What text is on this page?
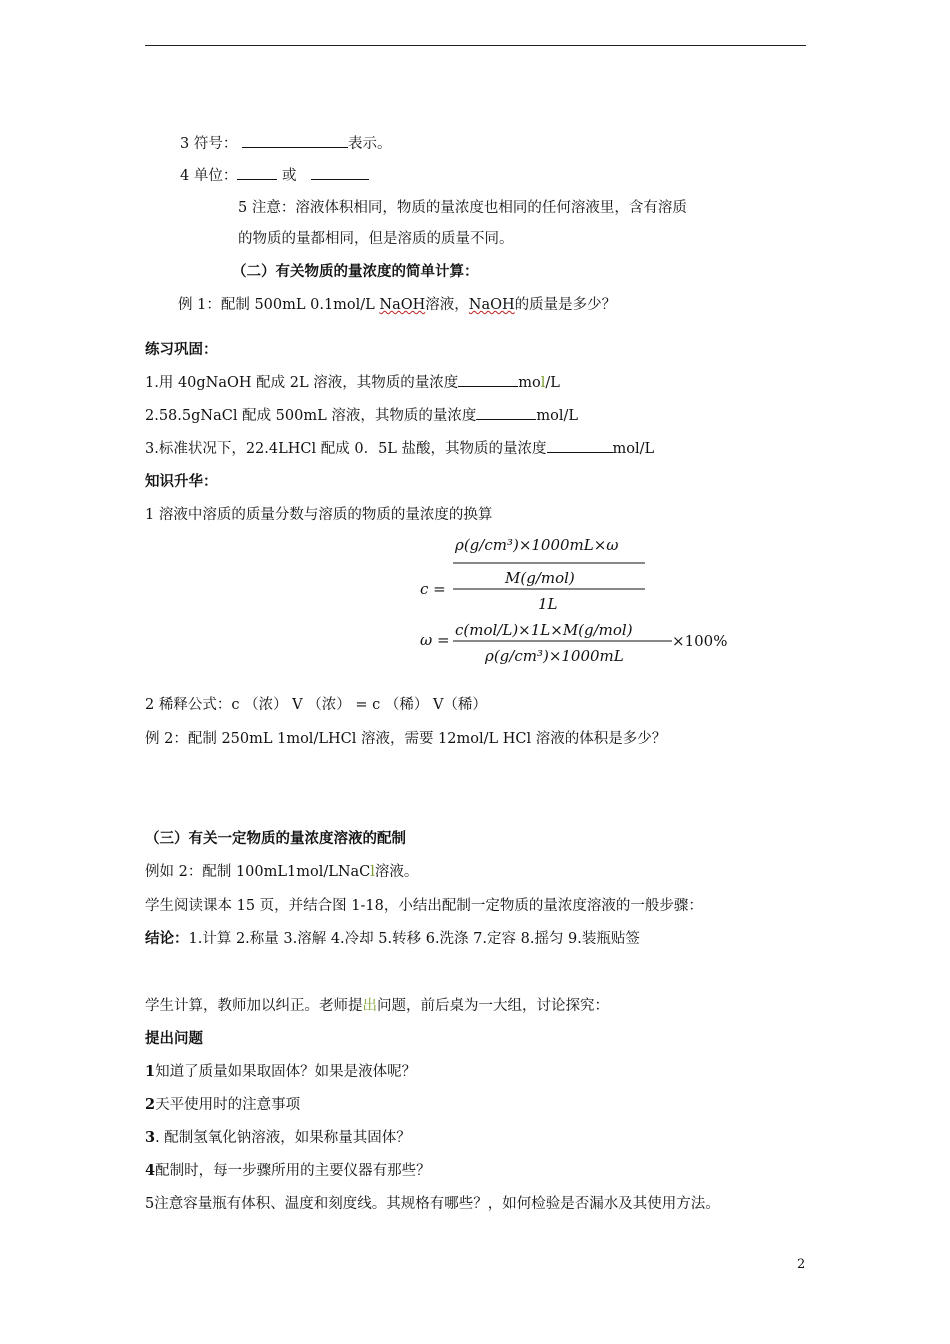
3 符号：	表示。
4 单位：	或
5 注意：溶液体积相同，物质的量浓度也相同的任何溶液里，含有溶质
的物质的量都相同，但是溶质的质量不同。
（二）有关物质的量浓度的简单计算：
例 1：配制 500mL 0.1mol/L NaOH溶液，NaOH的质量是多少？
练习巩固：
1.用 40gNaOH 配成 2L 溶液，其物质的量浓度	mol/L
2.58.5gNaCl 配成 500mL 溶液，其物质的量浓度	mol/L
3.标准状况下，22.4LHCl 配成 0．5L 盐酸，其物质的量浓度	mol/L
知识升华：
1 溶液中溶质的质量分数与溶质的物质的量浓度的换算
ρ(g/cm³)×1000mL×ω
M(g/mol)
c =
1L
c(mol/L)×1L×M(g/mol)
ω =
ρ(g/cm³)×1000mL
×100%
2 稀释公式：c （浓） V （浓） = c （稀） V（稀）
例 2：配制 250mL 1mol/LHCl 溶液，需要 12mol/L HCl 溶液的体积是多少？
（三）有关一定物质的量浓度溶液的配制
例如 2：配制 100mL1mol/LNaCl溶液。
学生阅读课本 15 页，并结合图 1-18，小结出配制一定物质的量浓度溶液的一般步骤：
结论：1.计算 2.称量 3.溶解 4.冷却 5.转移 6.洗涤 7.定容 8.摇匀 9.装瓶贴签
学生计算，教师加以纠正。老师提出问题，前后桌为一大组，讨论探究：
提出问题
1知道了质量如果取固体？如果是液体呢？
2天平使用时的注意事项
3. 配制氢氧化钠溶液，如果称量其固体？
4配制时，每一步骤所用的主要仪器有那些？
5注意容量瓶有体积、温度和刻度线。其规格有哪些？，如何检验是否漏水及其使用方法。
2
